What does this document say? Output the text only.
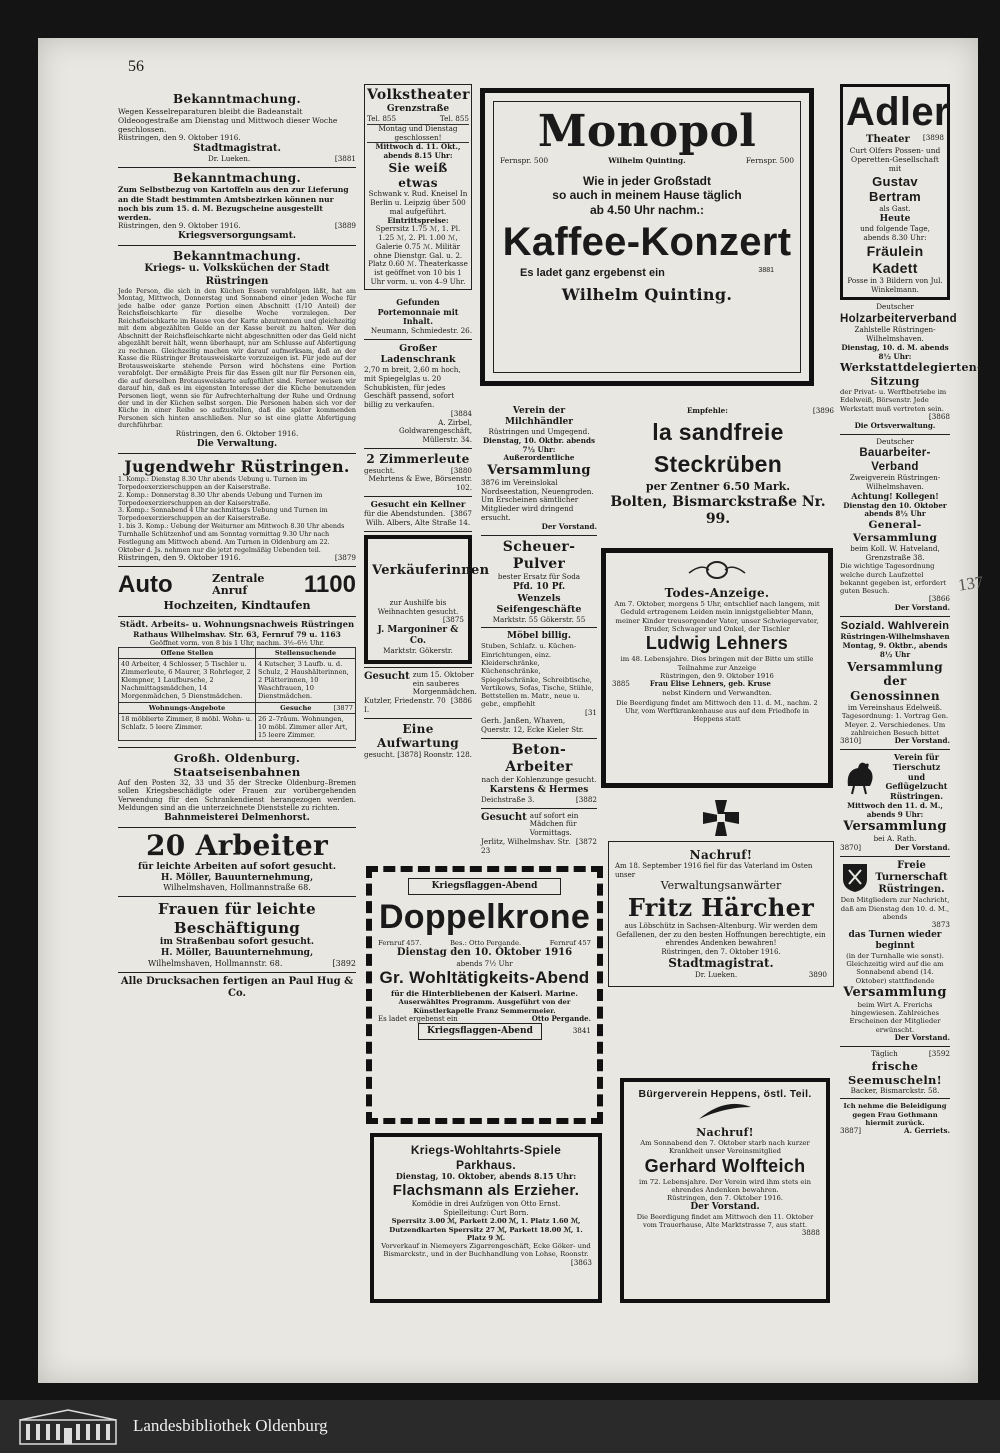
56
137
Bekanntmachung.
Wegen Kesselreparaturen bleibt die Badeanstalt Oldeoogestraße am Dienstag und Mittwoch dieser Woche geschlossen.
Rüstringen, den 9. Oktober 1916.
Stadtmagistrat.
Dr. Lueken.	[3881
Bekanntmachung.
Zum Selbstbezug von Kartoffeln aus den zur Lieferung an die Stadt bestimmten Amtsbezirken können nur noch bis zum 15. d. M. Bezugscheine ausgestellt werden.
Rüstringen, den 9. Oktober 1916.	[3889
Kriegsversorgungsamt.
Bekanntmachung.
Kriegs- u. Volksküchen der Stadt Rüstringen
Jede Person, die sich in den Küchen Essen verabfolgen läßt, hat am Montag, Mittwoch, Donnerstag und Sonnabend einer jeden Woche für jede halbe oder ganze Portion einen Abschnitt (1/10 Anteil) der Reichsfleischkarte für dieselbe Woche vorzulegen. Der Reichsfleischkarte im Hause von der Karte abzutrennen und gleichzeitig mit dem abgezählten Gelde an der Kasse bereit zu halten. Wer den Abschnitt der Reichsfleischkarte nicht abgeschnitten oder das Geld nicht abgezählt bereit hält, wenn überhaupt, nur am Schlusse auf Abfertigung zu rechnen. Gleichzeitig machen wir darauf aufmerksam, daß an der Kasse die Rüstringer Brotausweiskarte vorzuzeigen ist. Für jede auf der Brotausweiskarte stehende Person wird höchstens eine Portion verabfolgt. Der ermäßigte Preis für das Essen gilt nur für Personen ein, die auf derselben Brotausweiskarte aufgeführt sind. Ferner weisen wir darauf hin, daß es im eigensten Interesse der die Küche benutzenden Personen liegt, wenn sie für Aufrechterhaltung der Ruhe und Ordnung der und in der Küchen selbst sorgen. Die Personen haben sich vor der Küche in einer Reihe so aufzustellen, daß die später kommenden Personen sich hinten anschließen. Nur so ist eine glatte Abfertigung durchführbar.
Rüstringen, den 6. Oktober 1916.
Die Verwaltung.
Jugendwehr Rüstringen.
1. Komp.: Dienstag 8.30 Uhr abends Uebung u. Turnen im Torpedoexerzierschuppen an der Kaiserstraße.
2. Komp.: Donnerstag 8.30 Uhr abends Uebung und Turnen im Torpedoexerzierschuppen an der Kaiserstraße.
3. Komp.: Sonnabend 4 Uhr nachmittags Uebung und Turnen im Torpedoexerzierschuppen an der Kaiserstraße.
1. bis 3. Komp.: Uebung der Weiturner am Mittwoch 8.30 Uhr abends Turnhalle Schützenhof und am Sonntag vormittag 9.30 Uhr nach Festlegung am Mittwoch abend. Am Turnen in Oldenburg am 22. Oktober d. Js. nehmen nur die jetzt regelmäßig Uebenden teil.
Rüstringen, den 9. Oktober 1916.	[3879
Auto	Zentrale
Anruf	1100
Hochzeiten, Kindtaufen
Städt. Arbeits- u. Wohnungsnachweis Rüstringen
Rathaus Wilhelmshav. Str. 63, Fernruf 79 u. 1163
Geöffnet vorm. von 8 bis 1 Uhr, nachm. 3½–6½ Uhr.
Offene Stellen	Stellensuchende
40 Arbeiter, 4 Schlosser, 5 Tischler u. Zimmerleute, 6 Maurer, 3 Rohrleger, 2 Klempner, 1 Laufbursche, 2 Nachmittagsmädchen, 14 Morgenmädchen, 5 Dienstmädchen.	4 Kutscher, 3 Laufb. u. d. Schulz, 2 Haushälterinnen, 2 Plätterinnen, 10 Waschfrauen, 10 Dienstmädchen.
Wohnungs-Angebote	Gesuche [3877

18 möblierte Zimmer, 8 möbl. Wohn- u. Schlafz. 5 leere Zimmer.	26 2–7räum. Wohnungen, 10 möbl. Zimmer aller Art, 15 leere Zimmer.
Großh. Oldenburg. Staatseisenbahnen
Auf den Posten 32, 33 und 35 der Strecke Oldenburg–Bremen sollen Kriegsbeschädigte oder Frauen zur vorübergehenden Verwendung für den Schrankendienst herangezogen werden. Meldungen sind an die unterzeichnete Dienststelle zu richten.
Bahnmeisterei Delmenhorst.
20 Arbeiter
für leichte Arbeiten auf sofort gesucht.
H. Möller, Bauunternehmung,
Wilhelmshaven, Hollmannstraße 68.
Frauen für leichte Beschäftigung
im Straßenbau sofort gesucht.
H. Möller, Bauunternehmung,
Wilhelmshaven, Hollmannstr. 68.	[3892
Alle Drucksachen fertigen an Paul Hug & Co.
Volkstheater
Grenzstraße
Tel. 855	Tel. 855
Montag und Dienstag geschlossen!
Mittwoch d. 11. Okt., abends 8.15 Uhr:
Sie weiß etwas
Schwank v. Rud. Kneisel In Berlin u. Leipzig über 500 mal aufgeführt.
Eintrittspreise:
Sperrsitz 1.75 ℳ, 1. Pl. 1.25 ℳ, 2. Pl. 1.00 ℳ, Galerie 0.75 ℳ. Militär ohne Dienstgr. Gal. u. 2. Platz 0.60 ℳ. Theaterkasse ist geöffnet von 10 bis 1 Uhr vorm. u. von 4–9 Uhr.
Gefunden Portemonnaie mit Inhalt.
Neumann, Schmiedestr. 26.
Großer Ladenschrank
2,70 m breit, 2,60 m hoch, mit Spiegelglas u. 20 Schubkisten, für jedes Geschäft passend, sofort billig zu verkaufen.
[3884
A. Zirbel, Goldwarengeschäft, Müllerstr. 34.
2 Zimmerleute
gesucht.	[3880
Mehrtens & Ewe, Börsenstr. 102.
Gesucht ein Kellner
für die Abendstunden. [3867
Wilh. Albers, Alte Straße 14.
Verkäuferinnen
zur Aushilfe bis Weihnachten gesucht.
[3875
J. Margoniner & Co.
Marktstr. Gökerstr.
Gesucht zum 15. Oktober ein sauberes Morgenmädchen.
Kutzler, Friedenstr. 70 I.
[3886
Eine Aufwartung
gesucht. [3878] Roonstr. 128.
Monopol
Fernspr. 500	Wilhelm Quinting.	Fernspr. 500
Wie in jeder Großstadt
so auch in meinem Hause täglich
ab 4.50 Uhr nachm.:
Kaffee-Konzert
Es ladet ganz ergebenst ein	3881
Wilhelm Quinting.
Verein der Milchhändler
Rüstringen und Umgegend.
Dienstag, 10. Oktbr. abends 7½ Uhr:
Außerordentliche
Versammlung
3876 im Vereinslokal Nordseestation, Neuengroden. Um Erscheinen sämtlicher Mitglieder wird dringend ersucht.
Der Vorstand.
Scheuer-Pulver
bester Ersatz für Soda
Pfd. 10 Pf.
Wenzels Seifengeschäfte
Marktstr. 55 Gökerstr. 55
Möbel billig.
Stuben, Schlafz. u. Küchen-Einrichtungen, einz. Kleiderschränke, Küchenschränke, Spiegelschränke, Schreibtische, Vertikows, Sofas, Tische, Stühle, Bettstellen m. Matr., neue u. gebr., empfiehlt
[31
Gerh. Janßen, Whaven, Querstr. 12, Ecke Kieler Str.
Beton-Arbeiter
nach der Kohlenzunge gesucht.
Karstens & Hermes
Deichstraße 3.	[3882
Gesucht auf sofort ein Mädchen für Vormittags.
Jerlitz, Wilhelmshav. Str. 23
[3872
Empfehle:	[3896
la sandfreie Steckrüben
per Zentner 6.50 Mark.
Bolten, Bismarckstraße Nr. 99.
Todes-Anzeige.
Am 7. Oktober, morgens 5 Uhr, entschlief nach langem, mit Geduld ertragenem Leiden mein innigstgeliebter Mann, meiner Kinder treusorgender Vater, unser Schwiegervater, Bruder, Schwager und Onkel, der Tischler
Ludwig Lehners
im 48. Lebensjahre. Dies bringen mit der Bitte um stille Teilnahme zur Anzeige
Rüstringen, den 9. Oktober 1916
3885	Frau Elise Lehners, geb. Kruse
nebst Kindern und Verwandten.
Die Beerdigung findet am Mittwoch den 11. d. M., nachm. 2 Uhr, vom Werftkrankenhause aus auf dem Friedhofe in Heppens statt
Nachruf!
Am 18. September 1916 fiel für das Vaterland im Osten unser
Verwaltungsanwärter
Fritz Härcher
aus Löbschütz in Sachsen-Altenburg. Wir werden dem Gefallenen, der zu den besten Hoffnungen berechtigte, ein ehrendes Andenken bewahren!
Rüstringen, den 7. Oktober 1916.
Stadtmagistrat.
Dr. Lueken.	3890
Kriegsflaggen-Abend
Doppelkrone
Fernruf 457.	Bes.: Otto Pergande.	Fernruf 457
Dienstag den 10. Oktober 1916
abends 7½ Uhr
Gr. Wohltätigkeits-Abend
für die Hinterbliebenen der Kaiserl. Marine.
Auserwähltes Programm. Ausgeführt von der Künstlerkapelle Franz Semmermeier.
Es ladet ergebenst ein	Otto Pergande.
Kriegsflaggen-Abend	3841
Kriegs-Wohltahrts-Spiele Parkhaus.
Dienstag, 10. Oktober, abends 8.15 Uhr:
Flachsmann als Erzieher.
Komödie in drei Aufzügen von Otto Ernst.
Spielleitung: Curt Born.
Sperrsitz 3.00 ℳ, Parkett 2.00 ℳ, 1. Platz 1.60 ℳ, Dutzendkarten Sperrsitz 27 ℳ, Parkett 18.00 ℳ, 1. Platz 9 ℳ.
Vorverkauf in Niemeyers Zigarrengeschäft, Ecke Göker- und Bismarckstr., und in der Buchhandlung von Lohse, Roonstr.
[3863
Bürgerverein Heppens, östl. Teil.
Nachruf!
Am Sonnabend den 7. Oktober starb nach kurzer Krankheit unser Vereinsmitglied
Gerhard Wolfteich
im 72. Lebensjahre. Der Verein wird ihm stets ein ehrendes Andenken bewahren.
Rüstringen, den 7. Oktober 1916.
Der Vorstand.
Die Beerdigung findet am Mittwoch den 11. Oktober vom Trauerhause, Alte Marktstrasse 7, aus statt.
3888
Adler
Theater [3898
Curt Olfers Possen- und Operetten-Gesellschaft mit
Gustav Bertram
als Gast.
Heute
und folgende Tage, abends 8.30 Uhr:
Fräulein Kadett
Posse in 3 Bildern von Jul. Winkelmann.
Deutscher
Holzarbeiterverband
Zahlstelle Rüstringen-Wilhelmshaven.
Dienstag, 10. d. M. abends 8½ Uhr:
Werkstattdelegierten-Sitzung
der Privat- u. Werftbetriebe im Edelweiß, Börsenstr. Jede Werkstatt muß vertreten sein.
[3868
Die Ortsverwaltung.
Deutscher
Bauarbeiter-Verband
Zweigverein Rüstringen-Wilhelmshaven.
Achtung! Kollegen!
Dienstag den 10. Oktober abends 8½ Uhr
General-Versammlung
beim Koll. W. Hatveland, Grenzstraße 38.
Die wichtige Tagesordnung welche durch Laufzettel bekannt gegeben ist, erfordert guten Besuch.
[3866
Der Vorstand.
Soziald. Wahlverein
Rüstringen-Wilhelmshaven
Montag, 9. Oktbr., abends 8½ Uhr
Versammlung der Genossinnen
im Vereinshaus Edelweiß.
Tagesordnung: 1. Vortrag Gen. Meyer. 2. Verschiedenes. Um zahlreichen Besuch bittet
3810]	Der Vorstand.
Verein für Tierschutz und Geflügelzucht Rüstringen.
Mittwoch den 11. d. M., abends 9 Uhr:
Versammlung
bei A. Rath.
3870]	Der Vorstand.
Freie Turnerschaft Rüstringen.
Den Mitgliedern zur Nachricht, daß am Dienstag den 10. d. M., abends
3873
das Turnen wieder beginnt
(in der Turnhalle wie sonst). Gleichzeitig wird auf die am Sonnabend abend (14. Oktober) stattfindende
Versammlung
beim Wirt A. Frerichs hingewiesen. Zahlreiches Erscheinen der Mitglieder erwünscht.
Der Vorstand.
Täglich	[3592
frische Seemuscheln!
Backer, Bismarckstr. 58.
Ich nehme die Beleidigung gegen Frau Gothmann hiermit zurück.
3887]	A. Gerriets.
Landesbibliothek Oldenburg
